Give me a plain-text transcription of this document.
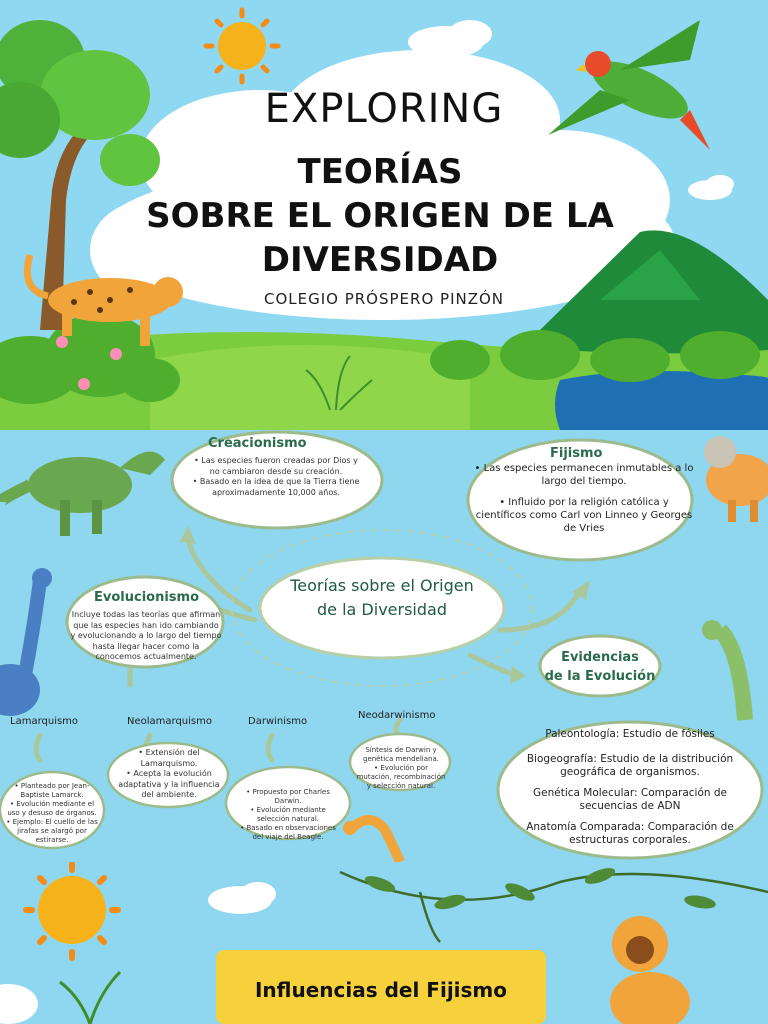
EXPLORING
TEORÍAS
SOBRE EL ORIGEN DE LA
DIVERSIDAD
COLEGIO PRÓSPERO PINZÓN
Creacionismo
• Las especies fueron creadas por Dios y no cambiaron desde su creación.
• Basado en la idea de que la Tierra tiene aproximadamente 10,000 años.
Fijismo
• Las especies permanecen inmutables a lo largo del tiempo.
• Influido por la religión católica y científicos como Carl von Linneo y Georges de Vries
Teorías sobre el Origen
de la Diversidad
Evolucionismo
Incluye todas las teorías que afirman que las especies han ido cambiando y evolucionando a lo largo del tiempo hasta llegar hacer como la conocemos actualmente.	Evidencias
de la Evolución
Paleontología: Estudio de fósiles
Biogeografía: Estudio de la distribución geográfica de organismos.
Genética Molecular: Comparación de secuencias de ADN
Anatomía Comparada: Comparación de estructuras corporales.
Lamarquismo	Neolamarquismo	Darwinismo
Neodarwinismo
• Planteado por Jean-Baptiste Lamarck.
• Evolución mediante el uso y desuso de órganos.
• Ejemplo: El cuello de las jirafas se alargó por estirarse.
• Extensión del Lamarquismo.
• Acepta la evolución adaptativa y la influencia del ambiente.	• Propuesto por Charles Darwin.
• Evolución mediante selección natural.
• Basado en observaciones del viaje del Beagle.
Síntesis de Darwin y genética mendeliana.
• Evolución por mutación, recombinación y selección natural.
Influencias del Fijismo
